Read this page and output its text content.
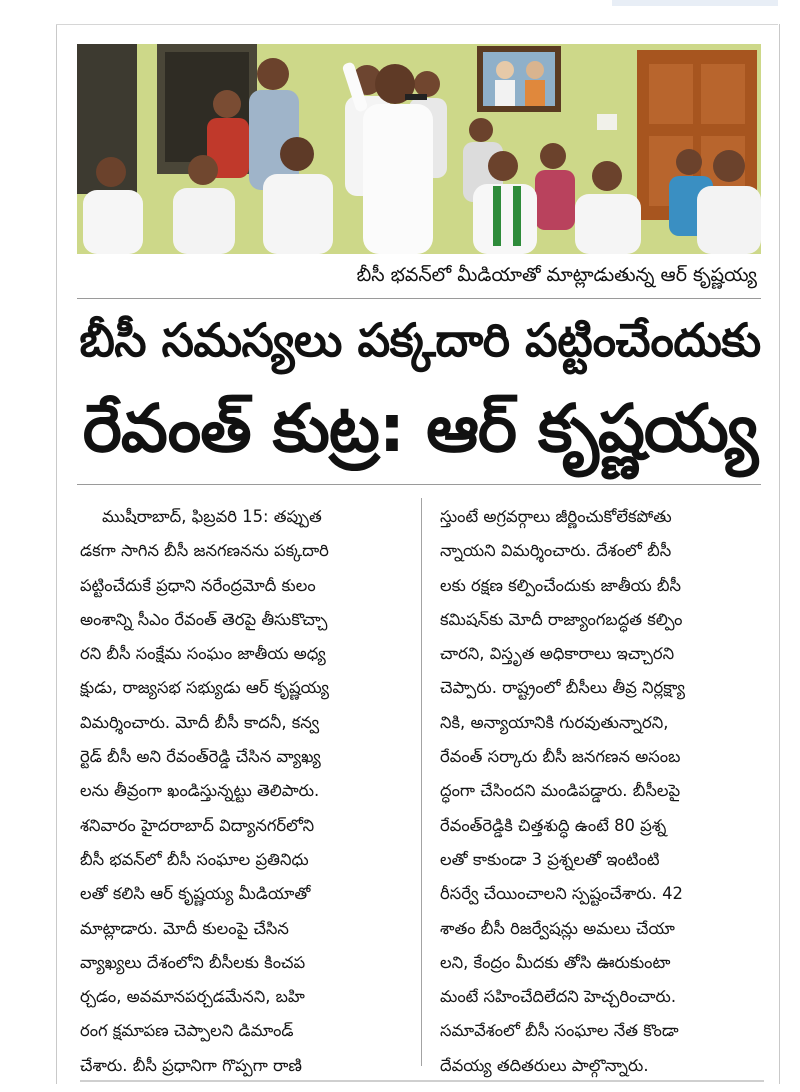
బీసీ భవన్‌లో మీడియాతో మాట్లాడుతున్న ఆర్ కృష్ణయ్య
బీసీ సమస్యలు పక్కదారి పట్టించేందుకు
రేవంత్ కుట్ర: ఆర్ కృష్ణయ్య
ముషీరాబాద్, ఫిబ్రవరి 15: తప్పుత
డకగా సాగిన బీసీ జనగణనను పక్కదారి
పట్టించేదుకే ప్రధాని నరేంద్రమోదీ కులం
అంశాన్ని సీఎం రేవంత్ తెరపై తీసుకొచ్చా
రని బీసీ సంక్షేమ సంఘం జాతీయ అధ్య
క్షుడు, రాజ్యసభ సభ్యుడు ఆర్ కృష్ణయ్య
విమర్శించారు. మోదీ బీసీ కాదనీ, కన్వ
ర్టెడ్ బీసీ అని రేవంత్‌రెడ్డి చేసిన వ్యాఖ్య
లను తీవ్రంగా ఖండిస్తున్నట్టు తెలిపారు.
శనివారం హైదరాబాద్ విద్యానగర్‌లోని
బీసీ భవన్‌లో బీసీ సంఘాల ప్రతినిధు
లతో కలిసి ఆర్ కృష్ణయ్య మీడియాతో
మాట్లాడారు. మోదీ కులంపై చేసిన
వ్యాఖ్యలు దేశంలోని బీసీలకు కించప
ర్చడం, అవమానపర్చడమేనని, బహి
రంగ క్షమాపణ చెప్పాలని డిమాండ్
చేశారు. బీసీ ప్రధానిగా గొప్పగా రాణి
స్తుంటే అగ్రవర్గాలు జీర్ణించుకోలేకపోతు
న్నాయని విమర్శించారు. దేశంలో బీసీ
లకు రక్షణ కల్పించేందుకు జాతీయ బీసీ
కమిషన్‌కు మోదీ రాజ్యాంగబద్ధత కల్పిం
చారని, విస్తృత అధికారాలు ఇచ్చారని
చెప్పారు. రాష్ట్రంలో బీసీలు తీవ్ర నిర్లక్ష్యా
నికి, అన్యాయానికి గురవుతున్నారని,
రేవంత్ సర్కారు బీసీ జనగణన అసంబ
ద్ధంగా చేసిందని మండిపడ్డారు. బీసీలపై
రేవంత్‌రెడ్డికి చిత్తశుద్ధి ఉంటే 80 ప్రశ్న
లతో కాకుండా 3 ప్రశ్నలతో ఇంటింటి
రీసర్వే చేయించాలని స్పష్టంచేశారు. 42
శాతం బీసీ రిజర్వేషన్లు అమలు చేయా
లని, కేంద్రం మీదకు తోసి ఊరుకుంటా
మంటే సహించేదిలేదని హెచ్చరించారు.
సమావేశంలో బీసీ సంఘాల నేత కొండా
దేవయ్య తదితరులు పాల్గొన్నారు.
